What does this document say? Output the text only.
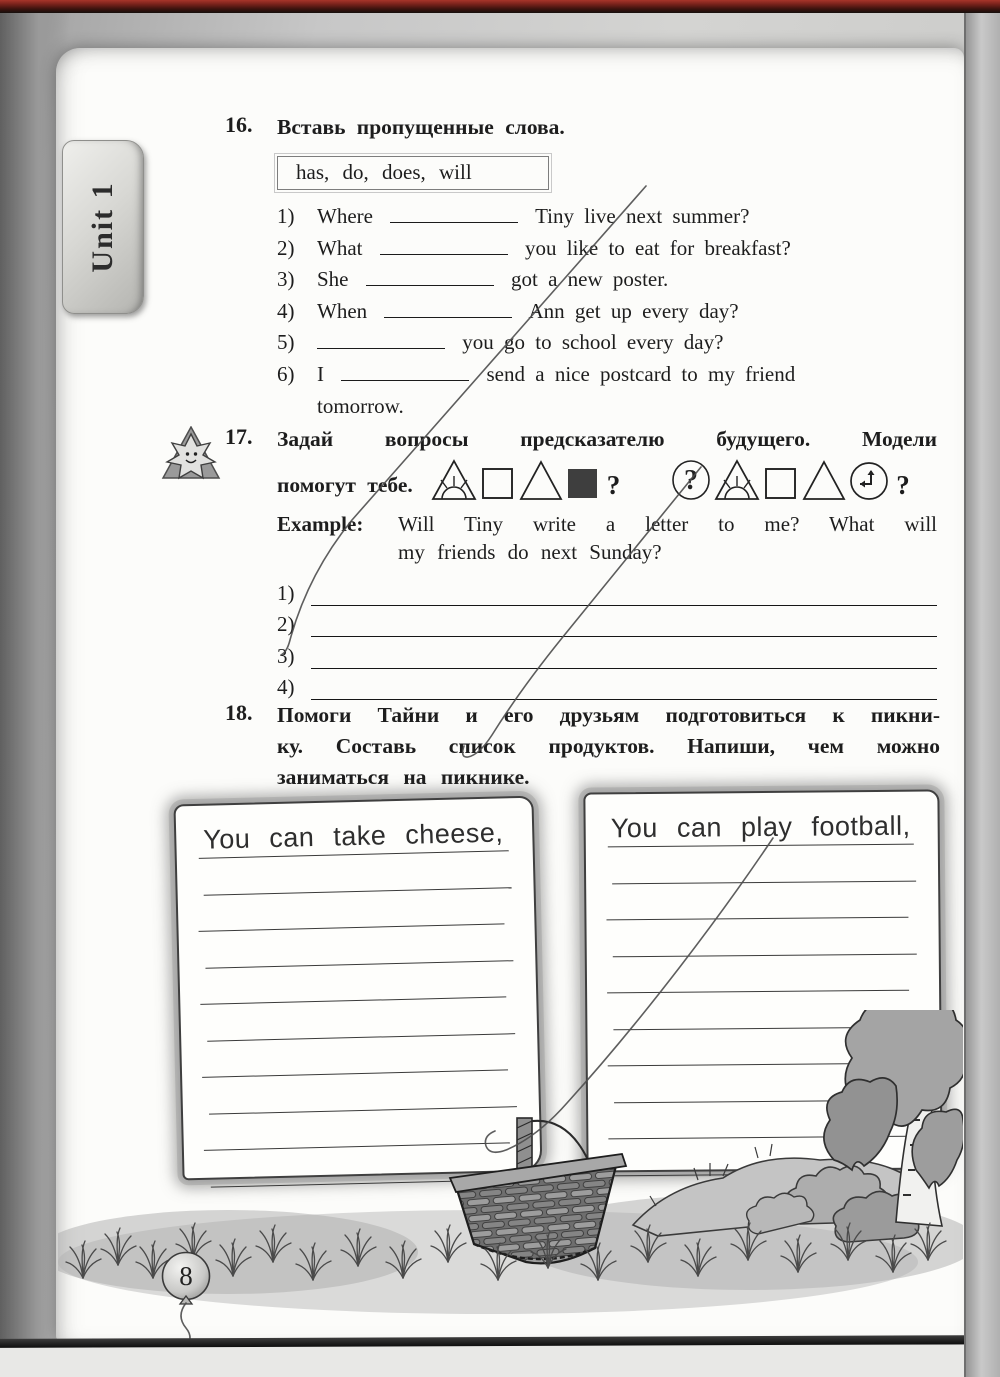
Unit 1
16.	Вставь пропущенные слова.
has, do, does, will
1) Where	Tiny live next summer?
2) What	you like to eat for breakfast?
3) She	got a new poster.
4) When	Ann get up every day?
5)	you go to school every day?
6) I	send a nice postcard to my friend
tomorrow.
17.	Задай вопросы предсказателю будущего. Модели
помогут тебе.	? ?	?
Example:	Will Tiny write a letter to me? What will
my friends do next Sunday?
1)
2)
3)
4)
18.	Помоги Тайни и его друзьям подготовиться к пикни-
ку. Составь список продуктов. Напиши, чем можно
заниматься на пикнике.
You can take cheese,	You can play football,
8
